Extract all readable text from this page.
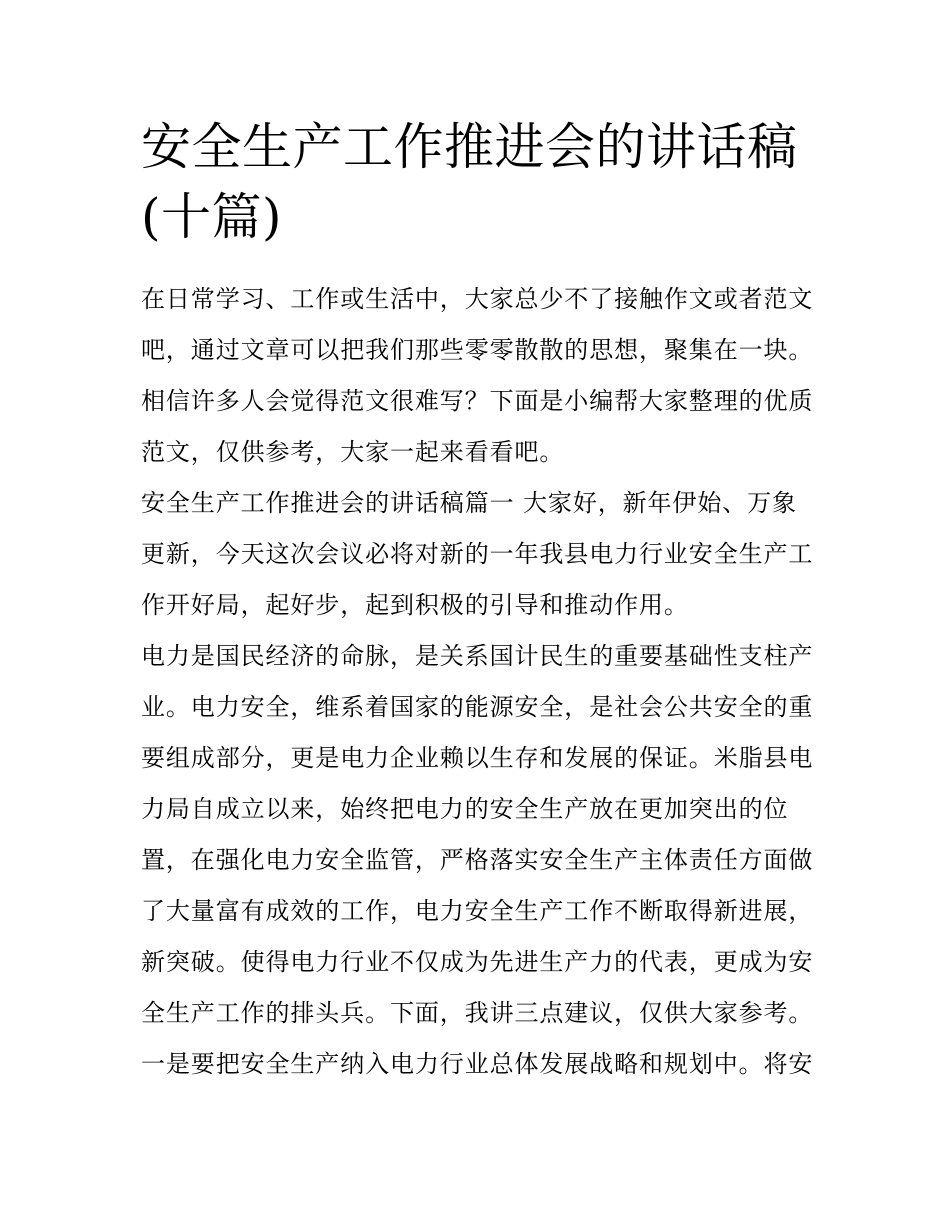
安全生产工作推进会的讲话稿
(十篇)

在日常学习、工作或生活中，大家总少不了接触作文或者范文
吧，通过文章可以把我们那些零零散散的思想，聚集在一块。
相信许多人会觉得范文很难写？下面是小编帮大家整理的优质
范文，仅供参考，大家一起来看看吧。

安全生产工作推进会的讲话稿篇一 大家好，新年伊始、万象
更新，今天这次会议必将对新的一年我县电力行业安全生产工
作开好局，起好步，起到积极的引导和推动作用。

电力是国民经济的命脉，是关系国计民生的重要基础性支柱产
业。电力安全，维系着国家的能源安全，是社会公共安全的重
要组成部分，更是电力企业赖以生存和发展的保证。米脂县电
力局自成立以来，始终把电力的安全生产放在更加突出的位
置，在强化电力安全监管，严格落实安全生产主体责任方面做
了大量富有成效的工作，电力安全生产工作不断取得新进展，
新突破。使得电力行业不仅成为先进生产力的代表，更成为安
全生产工作的排头兵。下面，我讲三点建议，仅供大家参考。

一是要把安全生产纳入电力行业总体发展战略和规划中。将安
